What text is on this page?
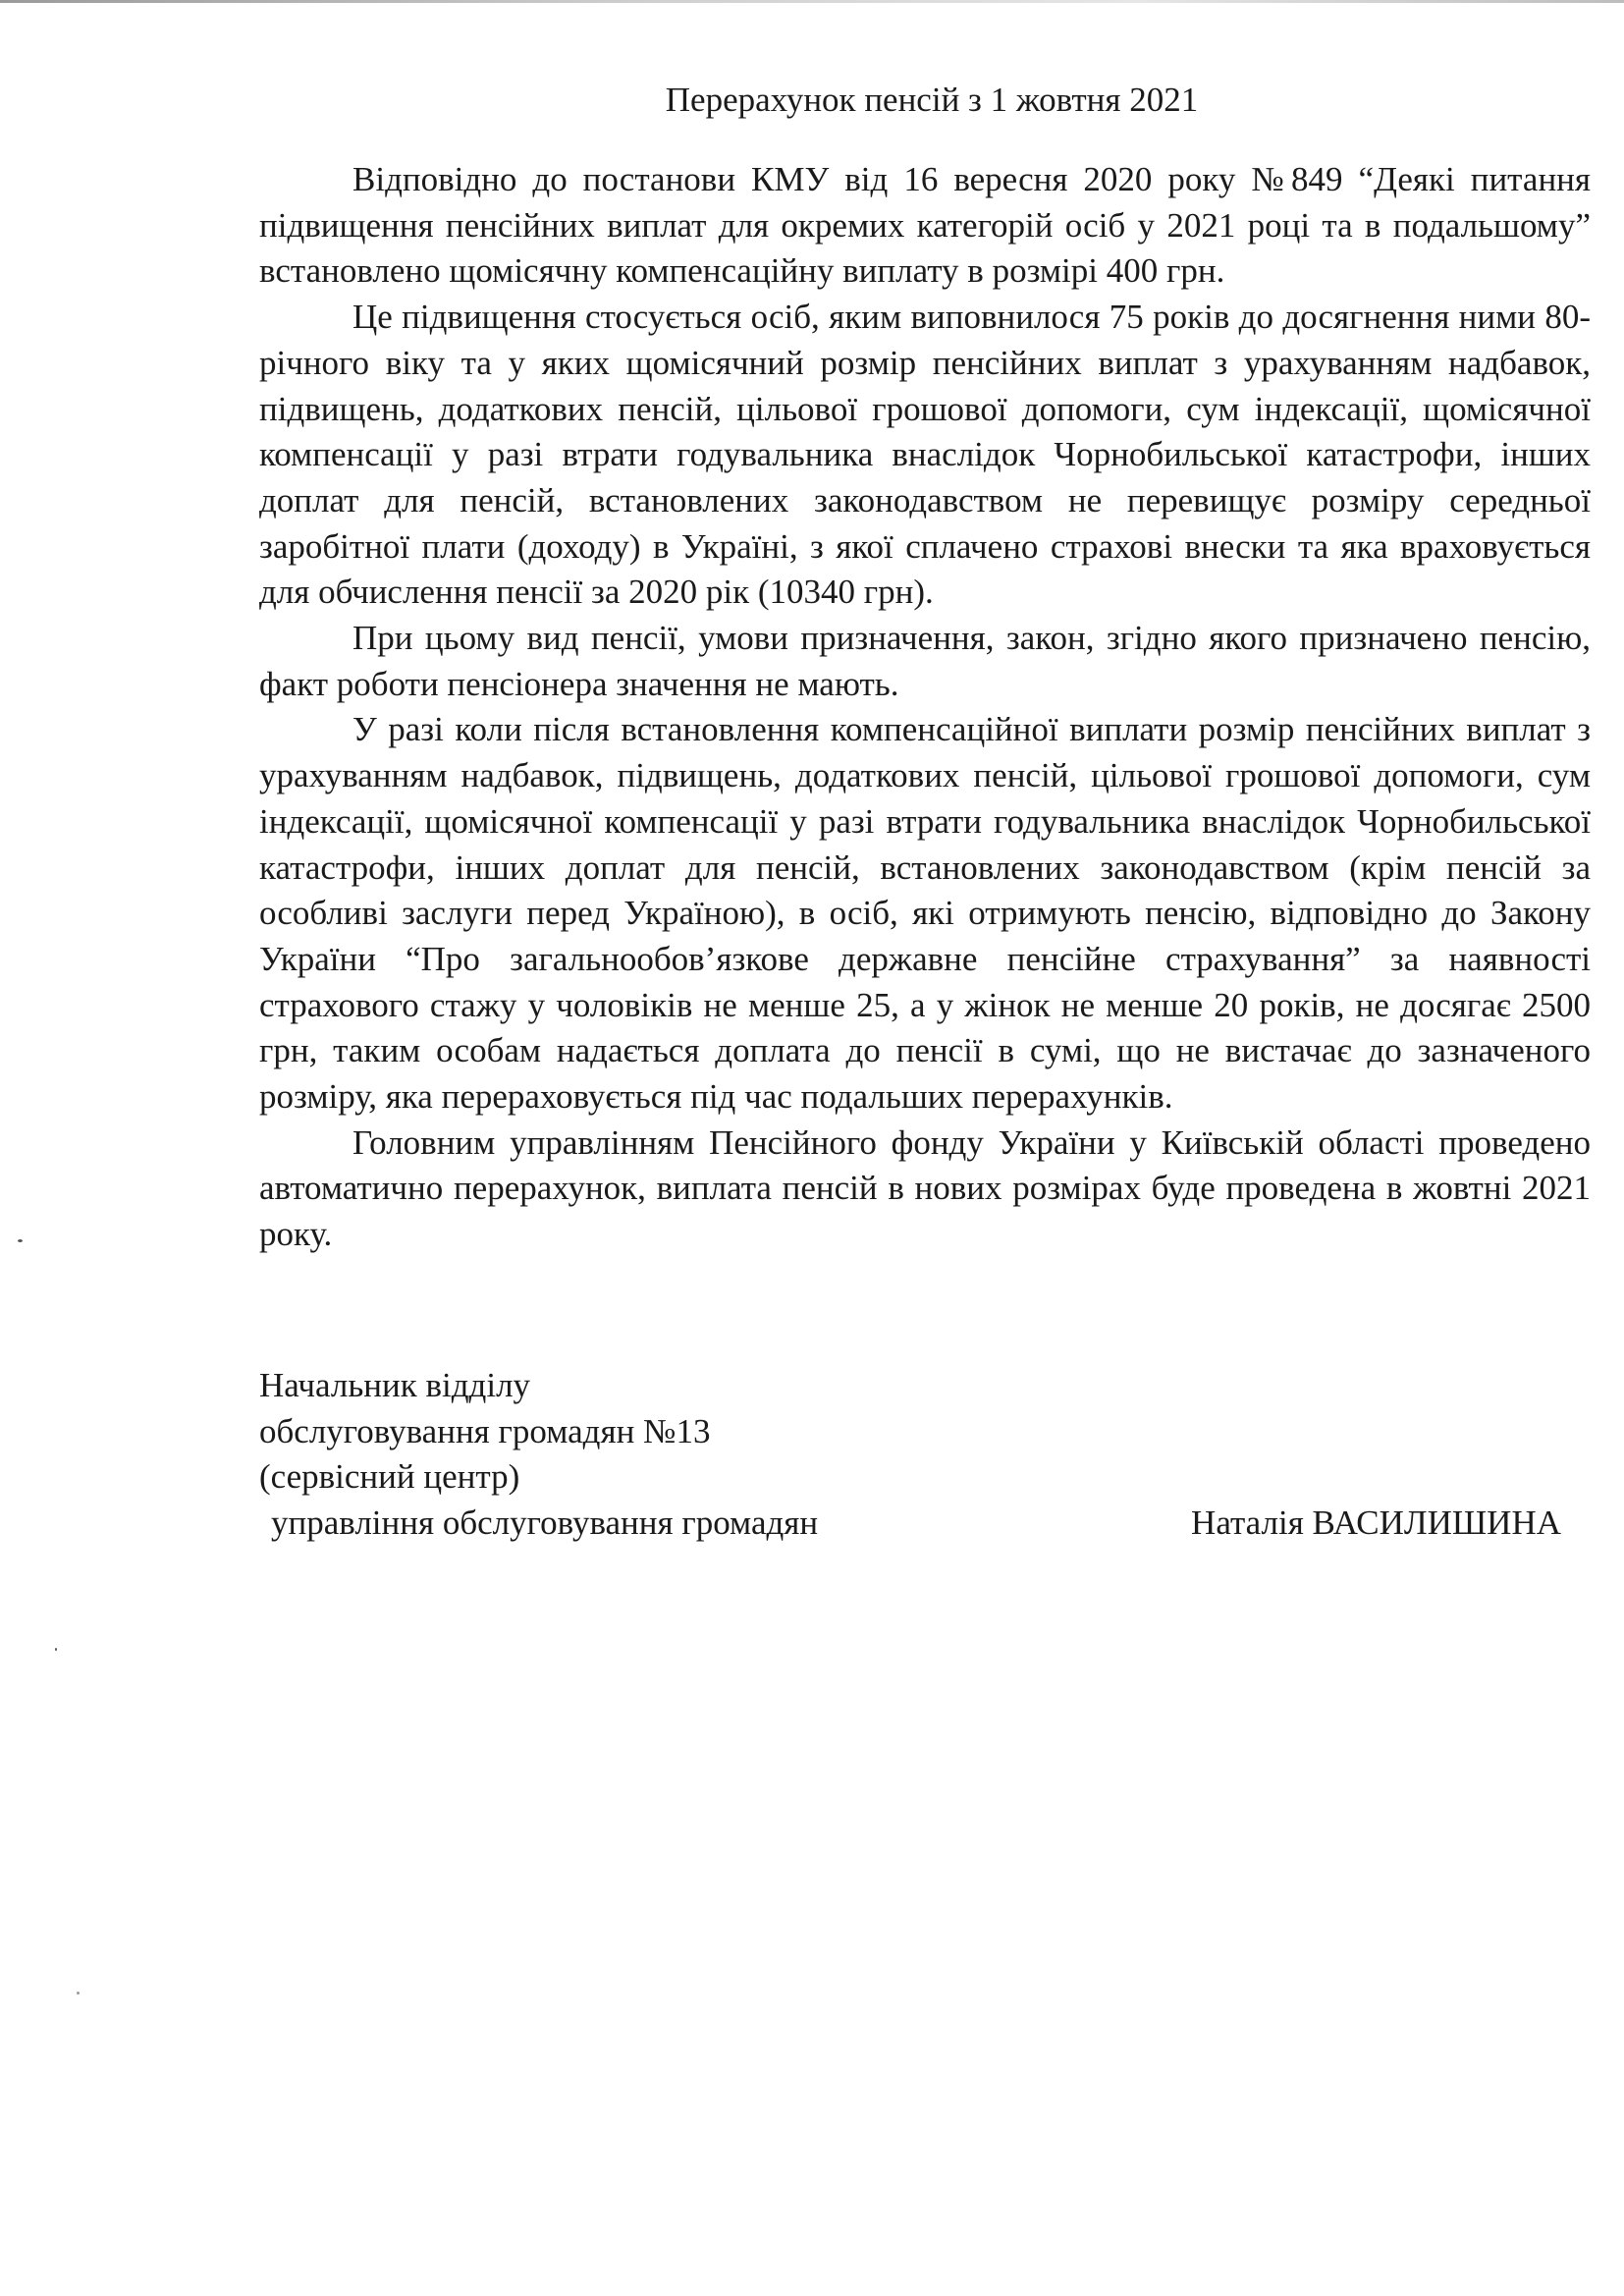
Перерахунок пенсій з 1 жовтня 2021

Відповідно до постанови КМУ від 16 вересня 2020 року №849 “Деякі питання підвищення пенсійних виплат для окремих категорій осіб у 2021 році та в подальшому” встановлено щомісячну компенсаційну виплату в розмірі 400 грн.

Це підвищення стосується осіб, яким виповнилося 75 років до досягнення ними 80-річного віку та у яких щомісячний розмір пенсійних виплат з урахуванням надбавок, підвищень, додаткових пенсій, цільової грошової допомоги, сум індексації, щомісячної компенсації у разі втрати годувальника внаслідок Чорнобильської катастрофи, інших доплат для пенсій, встановлених законодавством не перевищує розміру середньої заробітної плати (доходу) в Україні, з якої сплачено страхові внески та яка враховується для обчислення пенсії за 2020 рік (10340 грн).

При цьому вид пенсії, умови призначення, закон, згідно якого призначено пенсію, факт роботи пенсіонера значення не мають.

У разі коли після встановлення компенсаційної виплати розмір пенсійних виплат з урахуванням надбавок, підвищень, додаткових пенсій, цільової грошової допомоги, сум індексації, щомісячної компенсації у разі втрати годувальника внаслідок Чорнобильської катастрофи, інших доплат для пенсій, встановлених законодавством (крім пенсій за особливі заслуги перед Україною), в осіб, які отримують пенсію, відповідно до Закону України “Про загальнообов’язкове державне пенсійне страхування” за наявності страхового стажу у чоловіків не менше 25, а у жінок не менше 20 років, не досягає 2500 грн, таким особам надається доплата до пенсії в сумі, що не вистачає до зазначеного розміру, яка перераховується під час подальших перерахунків.

Головним управлінням Пенсійного фонду України у Київській області проведено автоматично перерахунок, виплата пенсій в нових розмірах буде проведена в жовтні 2021 року.

Начальник відділу
обслуговування громадян №13
(сервісний центр)
управління обслуговування громадян	Наталія ВАСИЛИШИНА
